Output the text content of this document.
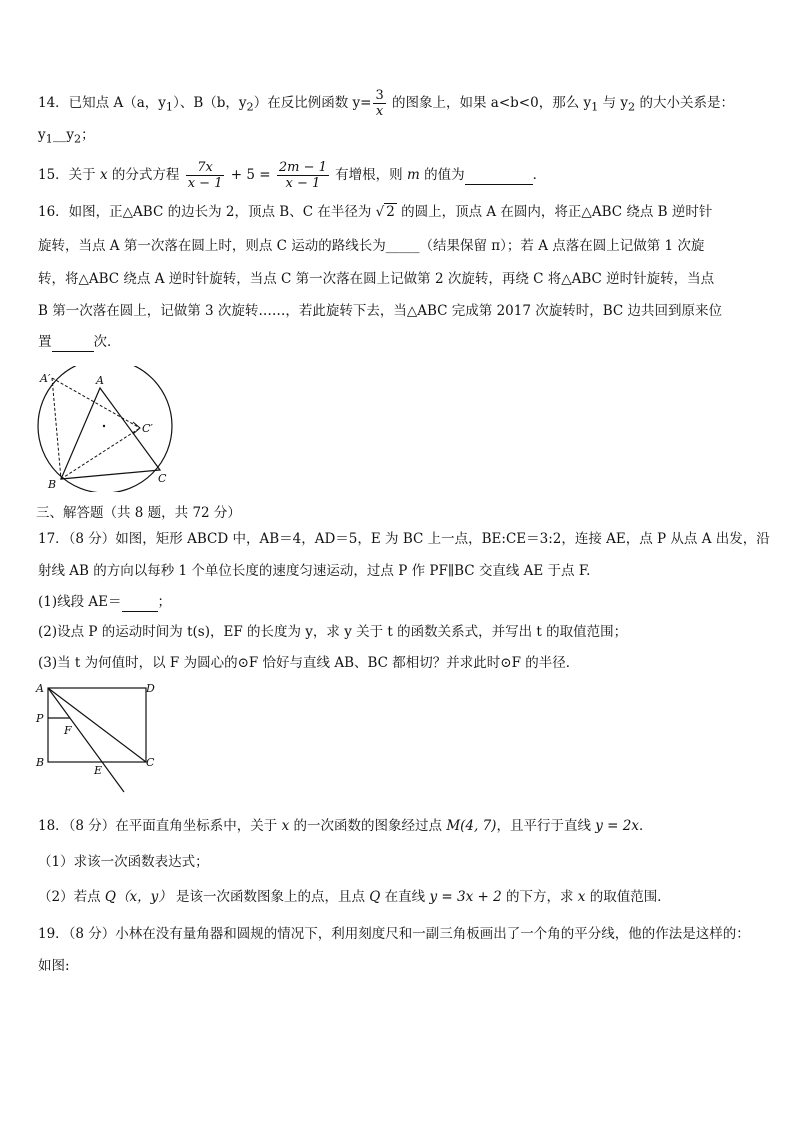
14．已知点 A（a，$y_1$）、B（b，$y_2$）在反比例函数 $y= \frac{3}{x}$ 的图象上，如果 a<b<0，那么 $y_1$ 与 $y_2$ 的大小关系是：
$y_1\_\_y_2$；
15．关于 x 的分式方程 $\frac{7x}{x - 1} + 5 = \frac{2m - 1}{x - 1}$ 有增根，则 m 的值为	．
16．如图，正△ABC 的边长为 2，顶点 B、C 在半径为 √ 2 的圆上，顶点 A 在圆内，将正△ABC 绕点 B 逆时针
旋转，当点 A 第一次落在圆上时，则点 C 运动的路线长为_____（结果保留 π）；若 A 点落在圆上记做第 1 次旋
转，将△ABC 绕点 A 逆时针旋转，当点 C 第一次落在圆上记做第 2 次旋转，再绕 C 将△ABC 逆时针旋转，当点
B 第一次落在圆上，记做第 3 次旋转……，若此旋转下去，当△ABC 完成第 2017 次旋转时，BC 边共回到原来位
置	次．
A′	A
C′
B	C
三、解答题（共 8 题，共 72 分）
17．（8 分）如图，矩形 ABCD 中，AB＝4，AD＝5，E 为 BC 上一点，BE:CE＝3:2，连接 AE，点 P 从点 A 出发，沿
射线 AB 的方向以每秒 1 个单位长度的速度匀速运动，过点 P 作 PF∥BC 交直线 AE 于点 F.
(1)线段 AE＝	；
(2)设点 P 的运动时间为 t(s)，EF 的长度为 y，求 y 关于 t 的函数关系式，并写出 t 的取值范围；
(3)当 t 为何值时，以 F 为圆心的⊙F 恰好与直线 AB、BC 都相切？并求此时⊙F 的半径．
A	D
P
F
B
E
C
18．（8 分）在平面直角坐标系中，关于 x 的一次函数的图象经过点 M(4, 7)，且平行于直线 y = 2x．
（1）求该一次函数表达式；
（2）若点 Q（x，y） 是该一次函数图象上的点，且点 Q 在直线 y = 3x + 2 的下方，求 x 的取值范围．
19．（8 分）小林在没有量角器和圆规的情况下，利用刻度尺和一副三角板画出了一个角的平分线，他的作法是这样的：
如图:
